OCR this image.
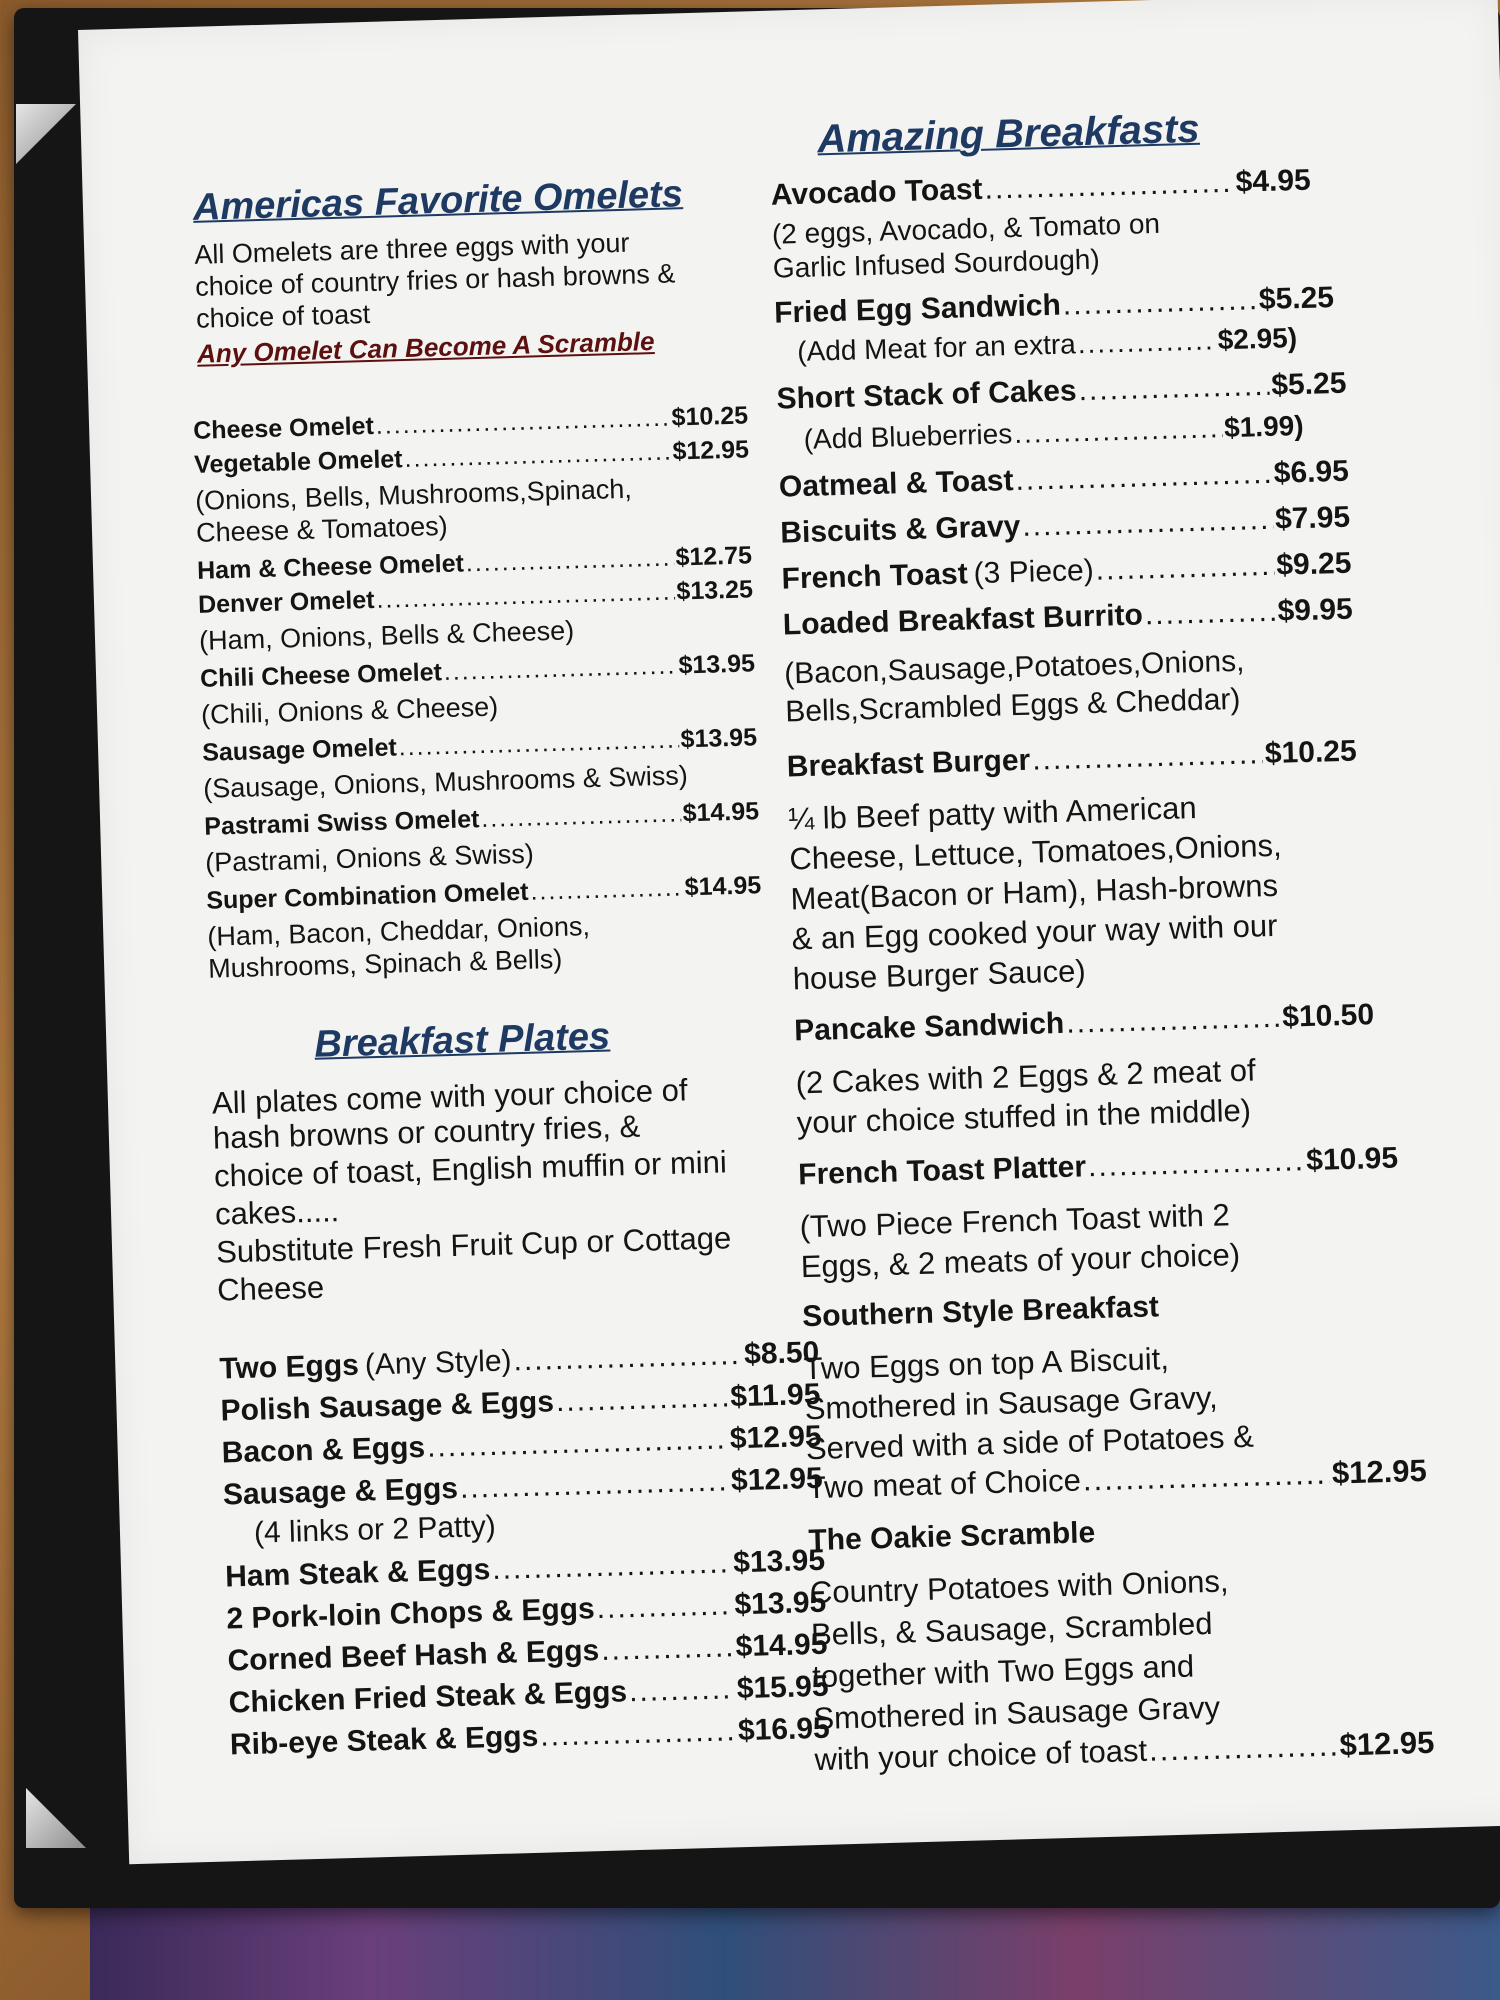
Americas Favorite Omelets
All Omelets are three eggs with your
choice of country fries or hash browns &
choice of toast
Any Omelet Can Become A Scramble
Cheese Omelet .....	$10.25
Vegetable Omelet .....	$12.95
(Onions, Bells, Mushrooms,Spinach,
Cheese & Tomatoes)
Ham & Cheese Omelet .....	$12.75
Denver Omelet .....	$13.25
(Ham, Onions, Bells & Cheese)
Chili Cheese Omelet .....	$13.95
(Chili, Onions & Cheese)
Sausage Omelet .....	$13.95
(Sausage, Onions, Mushrooms & Swiss)
Pastrami Swiss Omelet .....	$14.95
(Pastrami, Onions & Swiss)
Super Combination Omelet .....	$14.95
(Ham, Bacon, Cheddar, Onions,
Mushrooms, Spinach & Bells)
Breakfast Plates
All plates come with your choice of
hash browns or country fries, &
choice of toast, English muffin or mini
cakes.....
Substitute Fresh Fruit Cup or Cottage
Cheese
Two Eggs (Any Style) .....	$8.50
Polish Sausage & Eggs .....	$11.95
Bacon & Eggs .....	$12.95
Sausage & Eggs .....	$12.95
(4 links or 2 Patty)
Ham Steak & Eggs .....	$13.95
2 Pork-loin Chops & Eggs .....	$13.95
Corned Beef Hash & Eggs .....	$14.95
Chicken Fried Steak & Eggs .....	$15.95
Rib-eye Steak & Eggs .....	$16.95
Amazing Breakfasts
Avocado Toast .....	$4.95
(2 eggs, Avocado, & Tomato on
Garlic Infused Sourdough)
Fried Egg Sandwich .....	$5.25
(Add Meat for an extra .....	$2.95)
Short Stack of Cakes .....	$5.25
(Add Blueberries .....	$1.99)
Oatmeal & Toast .....	$6.95
Biscuits & Gravy .....	$7.95
French Toast (3 Piece) .....	$9.25
Loaded Breakfast Burrito .....	$9.95
(Bacon,Sausage,Potatoes,Onions,
Bells,Scrambled Eggs & Cheddar)
Breakfast Burger .....	$10.25
¼ lb Beef patty with American
Cheese, Lettuce, Tomatoes,Onions,
Meat(Bacon or Ham), Hash-browns
& an Egg cooked your way with our
house Burger Sauce)
Pancake Sandwich .....	$10.50
(2 Cakes with 2 Eggs & 2 meat of
your choice stuffed in the middle)
French Toast Platter .....	$10.95
(Two Piece French Toast with 2
Eggs, & 2 meats of your choice)
Southern Style Breakfast
Two Eggs on top A Biscuit,
Smothered in Sausage Gravy,
Served with a side of Potatoes &
Two meat of Choice .....	$12.95
The Oakie Scramble
Country Potatoes with Onions,
Bells, & Sausage, Scrambled
together with Two Eggs and
Smothered in Sausage Gravy
with your choice of toast .....	$12.95
